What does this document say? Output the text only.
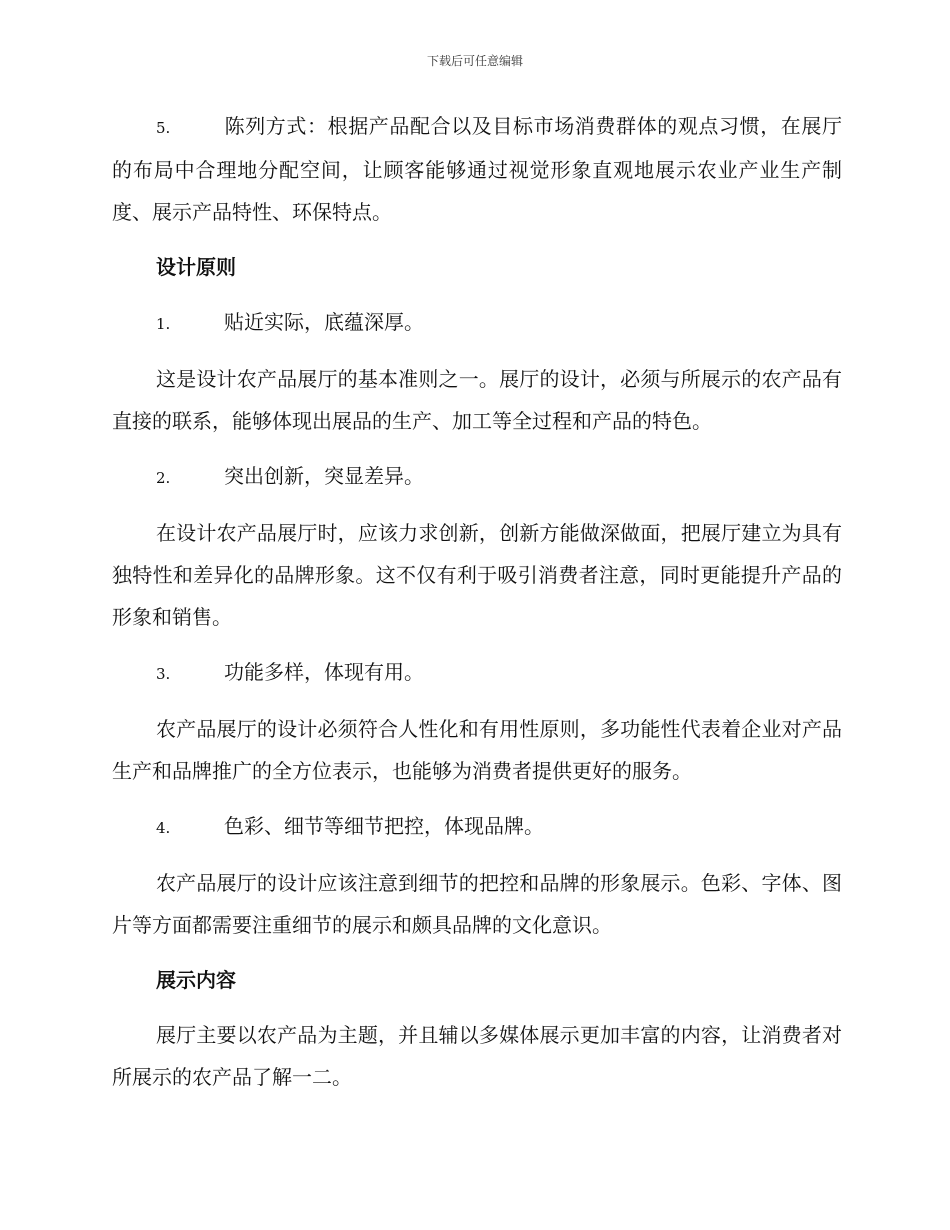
下载后可任意编辑

5.	陈列方式：根据产品配合以及目标市场消费群体的观点习惯，在展厅的布局中合理地分配空间，让顾客能够通过视觉形象直观地展示农业产业生产制度、展示产品特性、环保特点。

设计原则

1.	贴近实际，底蕴深厚。

这是设计农产品展厅的基本准则之一。展厅的设计，必须与所展示的农产品有直接的联系，能够体现出展品的生产、加工等全过程和产品的特色。

2.	突出创新，突显差异。

在设计农产品展厅时，应该力求创新，创新方能做深做面，把展厅建立为具有独特性和差异化的品牌形象。这不仅有利于吸引消费者注意，同时更能提升产品的形象和销售。

3.	功能多样，体现有用。

农产品展厅的设计必须符合人性化和有用性原则，多功能性代表着企业对产品生产和品牌推广的全方位表示，也能够为消费者提供更好的服务。

4.	色彩、细节等细节把控，体现品牌。

农产品展厅的设计应该注意到细节的把控和品牌的形象展示。色彩、字体、图片等方面都需要注重细节的展示和颇具品牌的文化意识。

展示内容

展厅主要以农产品为主题，并且辅以多媒体展示更加丰富的内容，让消费者对所展示的农产品了解一二。
